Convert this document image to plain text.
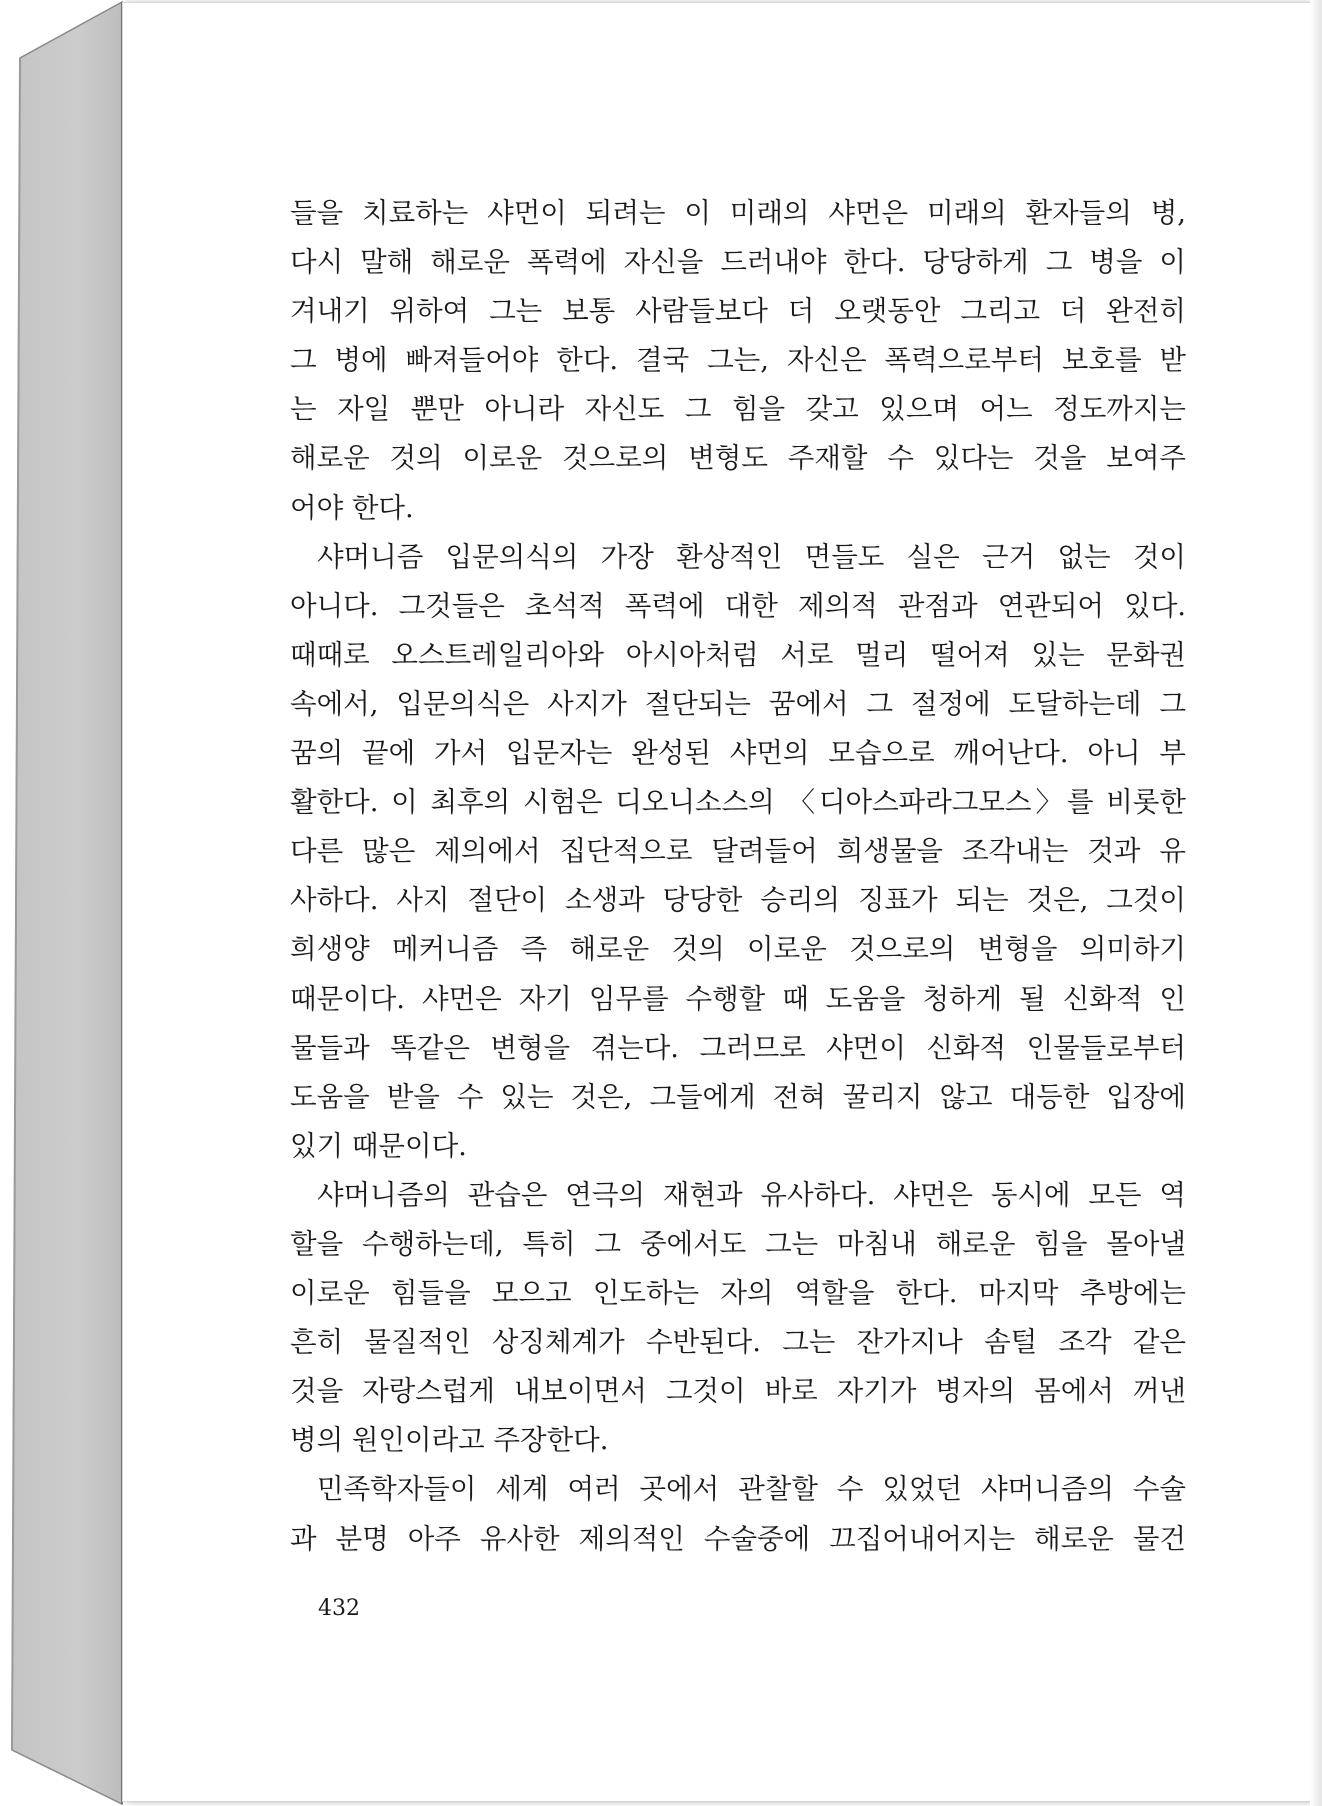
들을 치료하는 샤먼이 되려는 이 미래의 샤먼은 미래의 환자들의 병,
다시 말해 해로운 폭력에 자신을 드러내야 한다. 당당하게 그 병을 이
겨내기 위하여 그는 보통 사람들보다 더 오랫동안 그리고 더 완전히
그 병에 빠져들어야 한다. 결국 그는, 자신은 폭력으로부터 보호를 받
는 자일 뿐만 아니라 자신도 그 힘을 갖고 있으며 어느 정도까지는
해로운 것의 이로운 것으로의 변형도 주재할 수 있다는 것을 보여주
어야 한다.
샤머니즘 입문의식의 가장 환상적인 면들도 실은 근거 없는 것이
아니다. 그것들은 초석적 폭력에 대한 제의적 관점과 연관되어 있다.
때때로 오스트레일리아와 아시아처럼 서로 멀리 떨어져 있는 문화권
속에서, 입문의식은 사지가 절단되는 꿈에서 그 절정에 도달하는데 그
꿈의 끝에 가서 입문자는 완성된 샤먼의 모습으로 깨어난다. 아니 부
활한다. 이 최후의 시험은 디오니소스의 〈디아스파라그모스〉를 비롯한
다른 많은 제의에서 집단적으로 달려들어 희생물을 조각내는 것과 유
사하다. 사지 절단이 소생과 당당한 승리의 징표가 되는 것은, 그것이
희생양 메커니즘 즉 해로운 것의 이로운 것으로의 변형을 의미하기
때문이다. 샤먼은 자기 임무를 수행할 때 도움을 청하게 될 신화적 인
물들과 똑같은 변형을 겪는다. 그러므로 샤먼이 신화적 인물들로부터
도움을 받을 수 있는 것은, 그들에게 전혀 꿀리지 않고 대등한 입장에
있기 때문이다.
샤머니즘의 관습은 연극의 재현과 유사하다. 샤먼은 동시에 모든 역
할을 수행하는데, 특히 그 중에서도 그는 마침내 해로운 힘을 몰아낼
이로운 힘들을 모으고 인도하는 자의 역할을 한다. 마지막 추방에는
흔히 물질적인 상징체계가 수반된다. 그는 잔가지나 솜털 조각 같은
것을 자랑스럽게 내보이면서 그것이 바로 자기가 병자의 몸에서 꺼낸
병의 원인이라고 주장한다.
민족학자들이 세계 여러 곳에서 관찰할 수 있었던 샤머니즘의 수술
과 분명 아주 유사한 제의적인 수술중에 끄집어내어지는 해로운 물건
432
